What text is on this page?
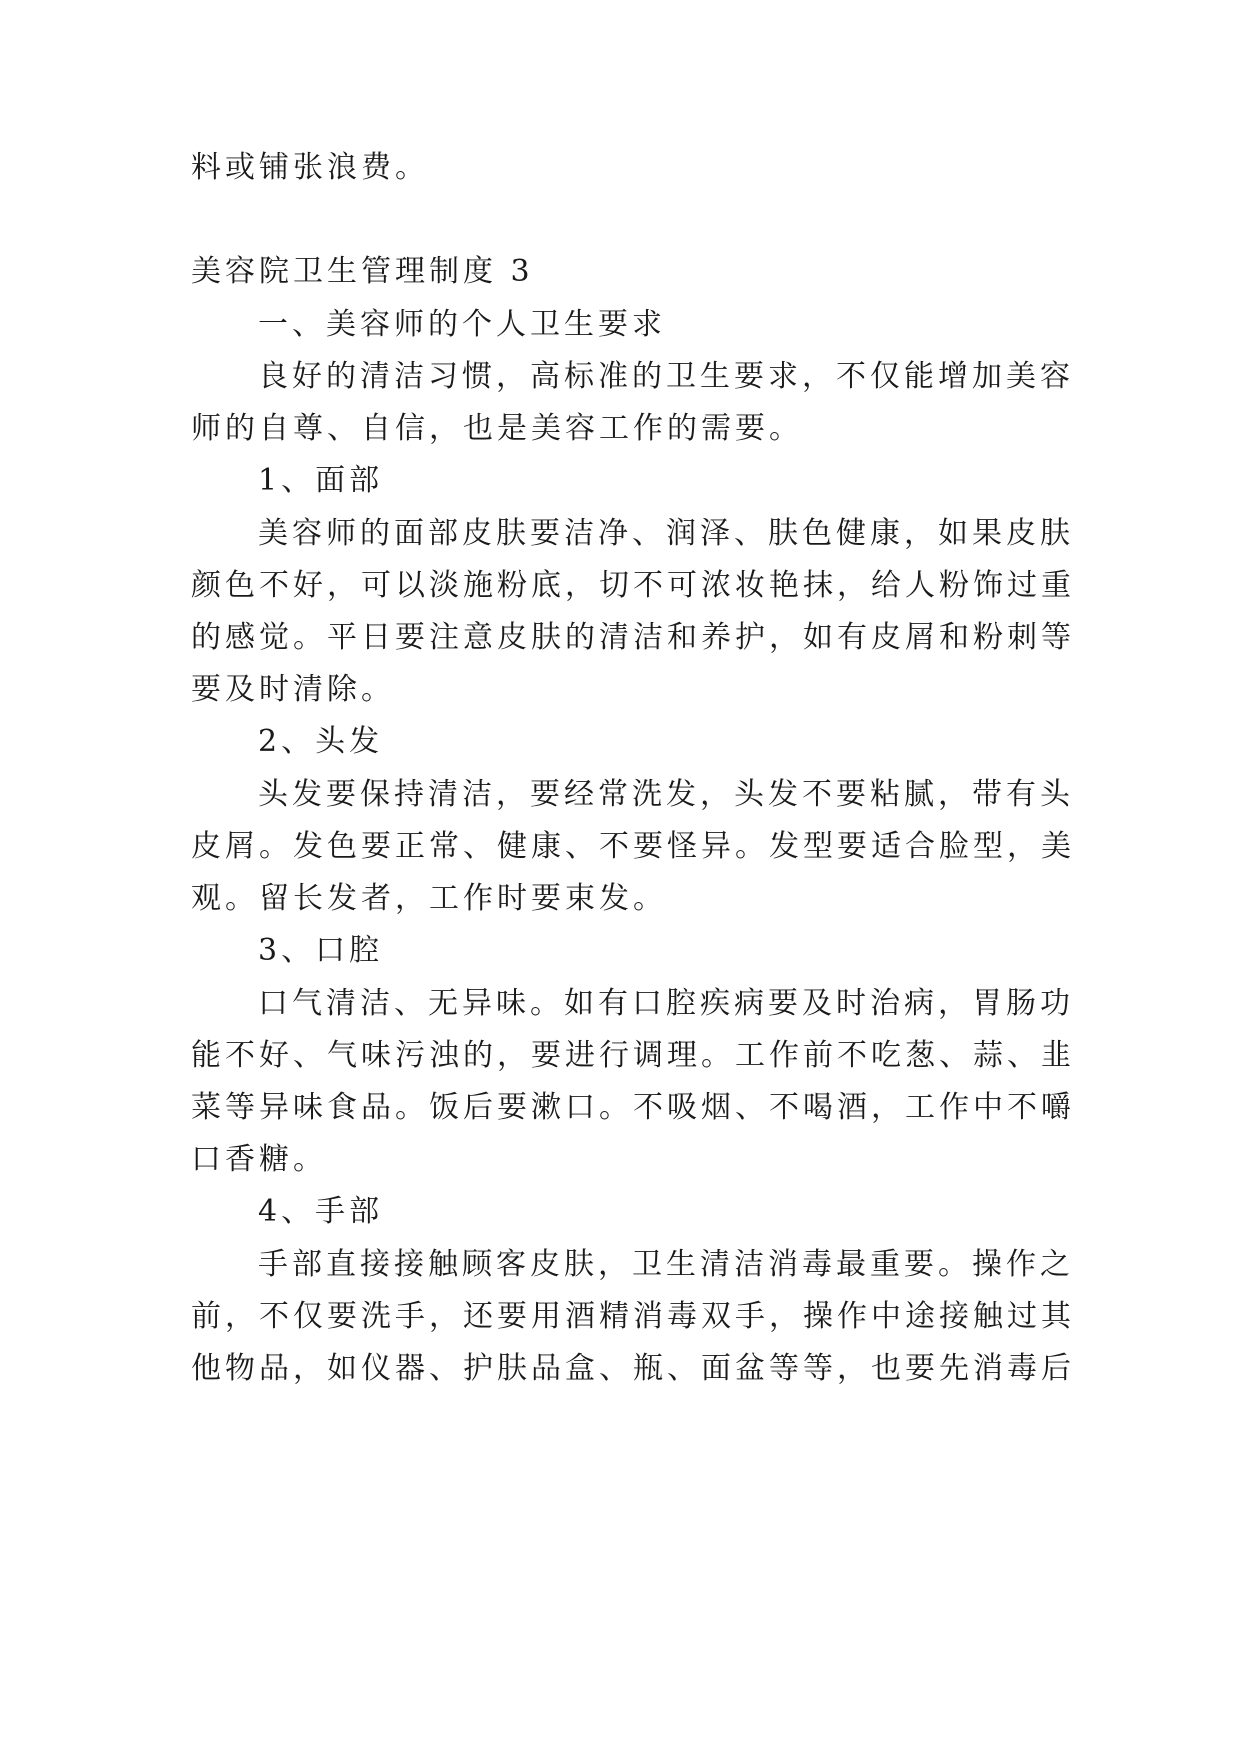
料或铺张浪费。
美容院卫生管理制度 3
一、美容师的个人卫生要求
良好的清洁习惯，高标准的卫生要求，不仅能增加美容
师的自尊、自信，也是美容工作的需要。
1、面部
美容师的面部皮肤要洁净、润泽、肤色健康，如果皮肤
颜色不好，可以淡施粉底，切不可浓妆艳抹，给人粉饰过重
的感觉。平日要注意皮肤的清洁和养护，如有皮屑和粉刺等
要及时清除。
2、头发
头发要保持清洁，要经常洗发，头发不要粘腻，带有头
皮屑。发色要正常、健康、不要怪异。发型要适合脸型，美
观。留长发者，工作时要束发。
3、口腔
口气清洁、无异味。如有口腔疾病要及时治病，胃肠功
能不好、气味污浊的，要进行调理。工作前不吃葱、蒜、韭
菜等异味食品。饭后要漱口。不吸烟、不喝酒，工作中不嚼
口香糖。
4、手部
手部直接接触顾客皮肤，卫生清洁消毒最重要。操作之
前，不仅要洗手，还要用酒精消毒双手，操作中途接触过其
他物品，如仪器、护肤品盒、瓶、面盆等等，也要先消毒后
